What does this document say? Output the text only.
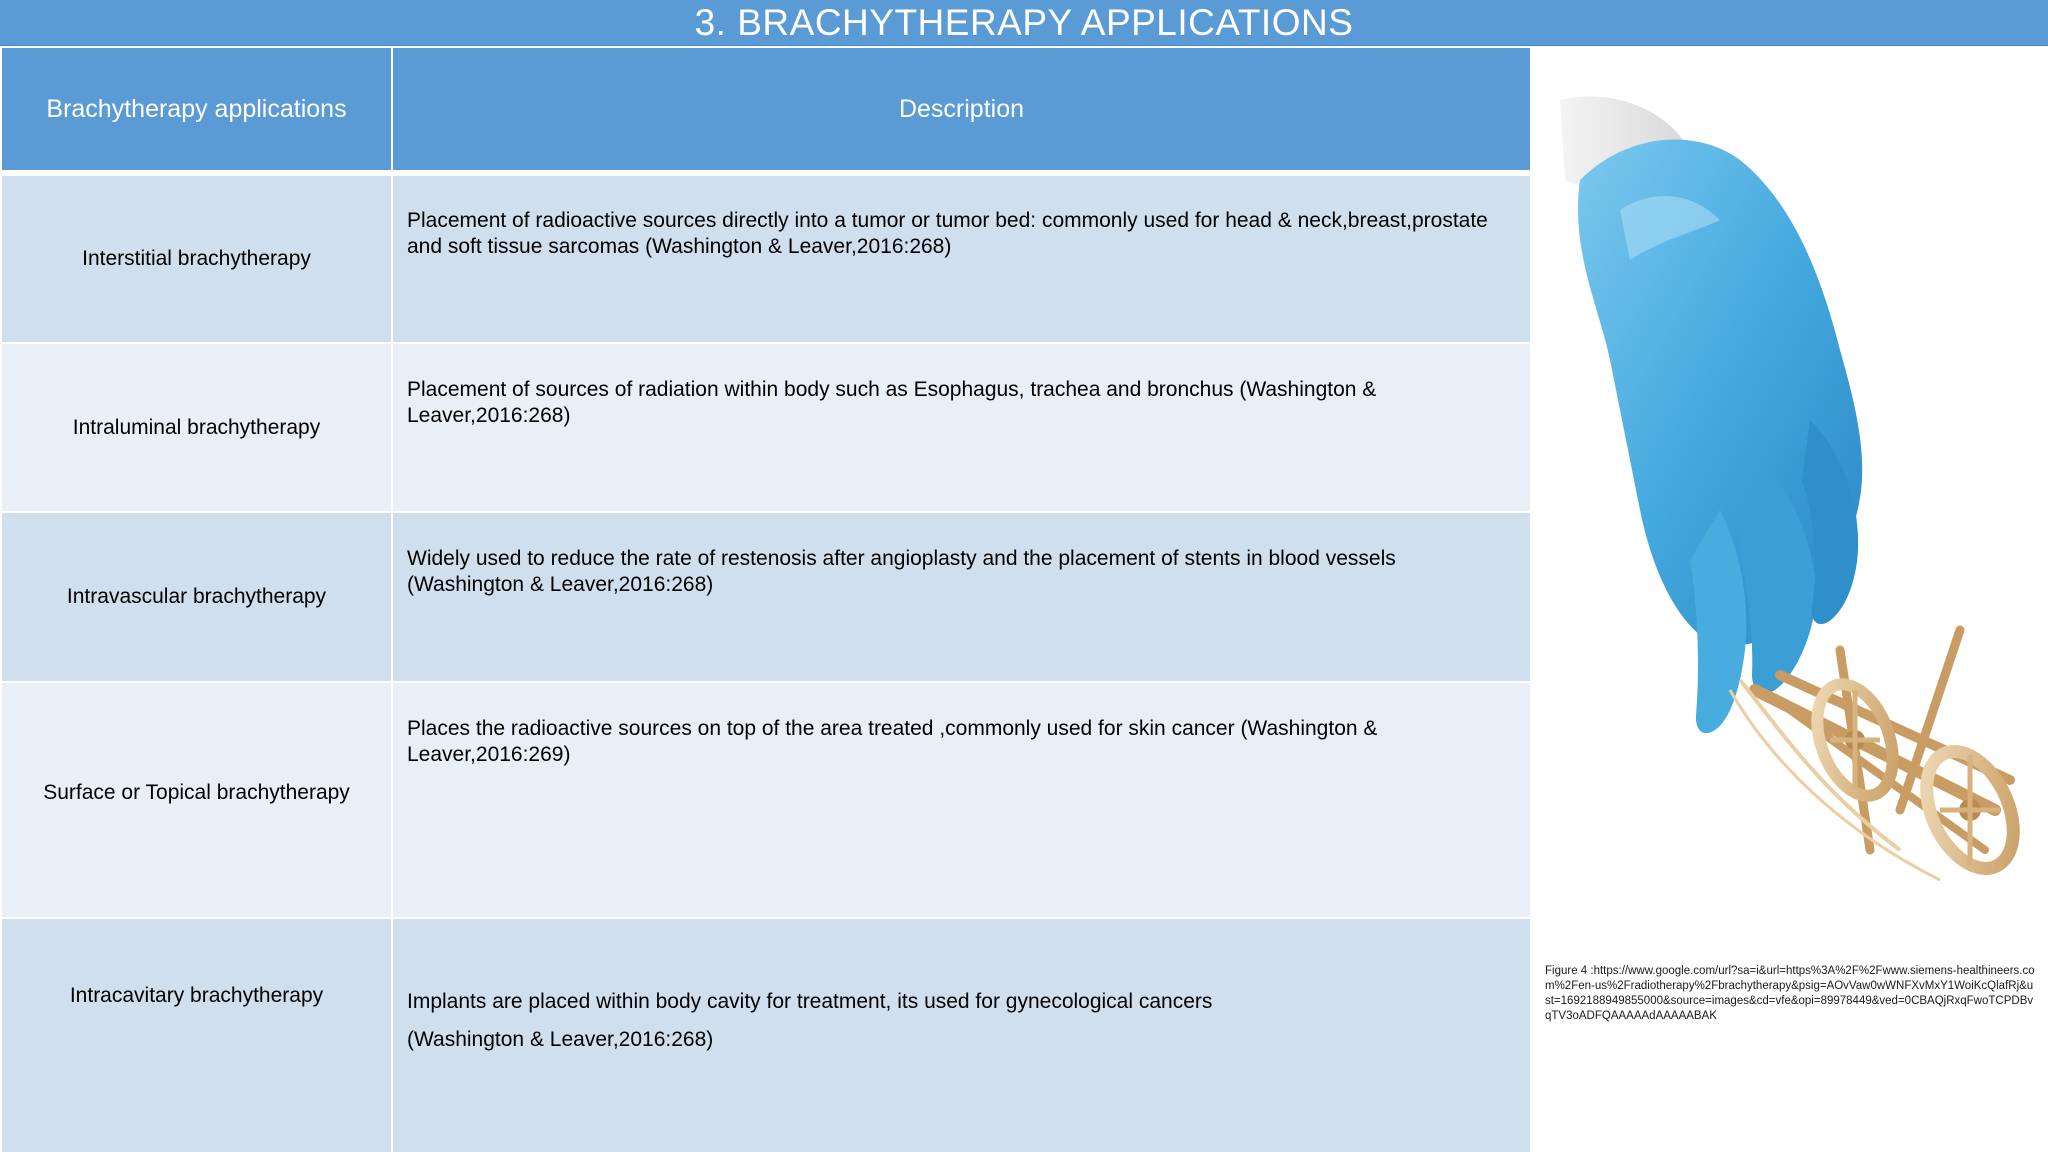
3. BRACHYTHERAPY APPLICATIONS
Brachytherapy applications	Description
Interstitial brachytherapy	Placement of radioactive sources directly into a tumor or tumor bed: commonly used for head & neck,breast,prostate and soft tissue sarcomas (Washington & Leaver,2016:268)

Intraluminal brachytherapy	Placement of sources of radiation within body such as Esophagus, trachea and bronchus (Washington & Leaver,2016:268)

Intravascular brachytherapy	Widely used to reduce the rate of restenosis after angioplasty and the placement of stents in blood vessels (Washington & Leaver,2016:268)

Surface or Topical brachytherapy	Places the radioactive sources on top of the area treated ,commonly used for skin cancer (Washington & Leaver,2016:269)

Intracavitary brachytherapy	Implants are placed within body cavity for treatment, its used for gynecological cancers
(Washington & Leaver,2016:268)
Figure 4 :https://www.google.com/url?sa=i&url=https%3A%2F%2Fwww.siemens-healthineers.com%2Fen-us%2Fradiotherapy%2Fbrachytherapy&psig=AOvVaw0wWNFXvMxY1WoiKcQlafRj&ust=1692188949855000&source=images&cd=vfe&opi=89978449&ved=0CBAQjRxqFwoTCPDBvqTV3oADFQAAAAAdAAAAABAK
